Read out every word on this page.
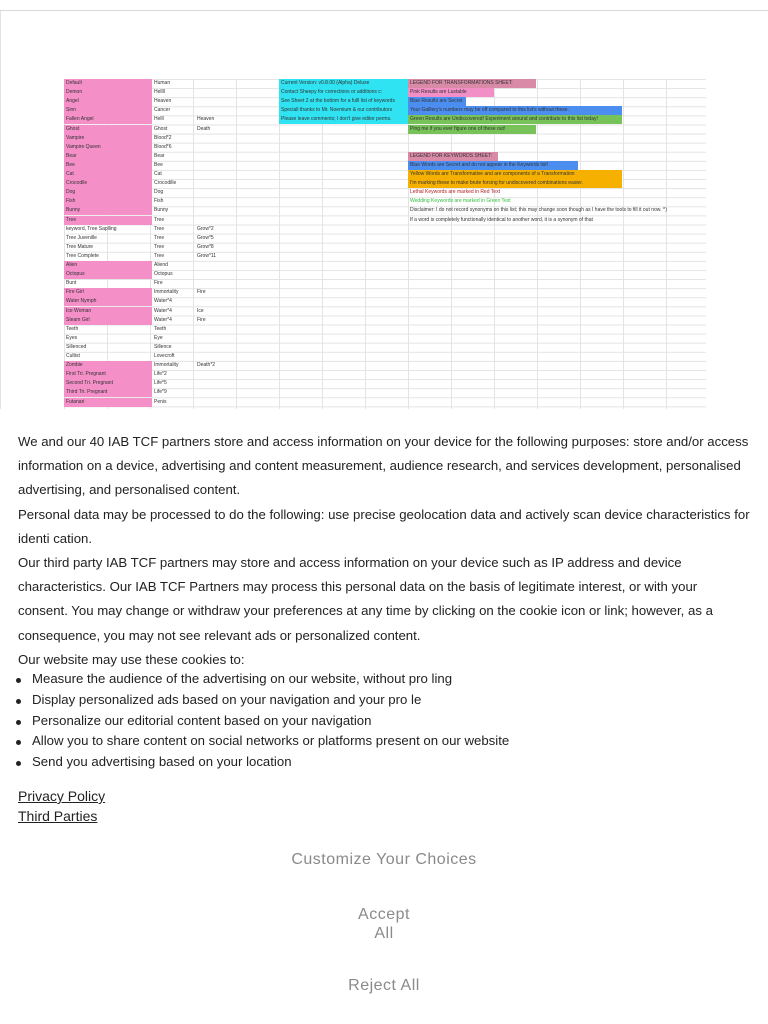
Default	Human
Demon	Hellll
Angel	Heaven
Sinn	Cancer
Fallen Angel	Helll	Heaven
Ghost	Ghost	Death
Vampire	Blood*2
Vampire Queen	Blood*6
Bear	Bear
Bee	Bee
Cat	Cat
Crocodile	Crocodille
Dog	Dog
Fish	Fish
Bunny	Bunny
Tree	Tree
keyword, Tree Saplling	Tree	Grow*2
Tree Juvenille	Tree	Grow*5
Tree Mature	Tree	Grow*8
Tree Complete	Tree	Grow*11
Alien	Aliend
Octopus	Octopus
Bunt	Fire
Fire Girl	Immortality	Fire
Water Nymph	Water*4
Ice Woman	Water*4	Ice
Steam Girl	Water*4	Fire
Teeth	Teeth
Eyes	Eye
Sillenced	Sillence
Cultist	Lovecroft
Zombie	Immortality	Death*2
First Tri. Pregnant	Life*2
Second Tri. Pregnant	Life*5
Third Tri. Pregnant	Life*9
Futanari	Penis
Current Version: v0.8.00 (Alpha) Deluxe
Contact Sheepy for corrections or additions c:
See Sheet 2 at the bottom for a fulll list of keywords
Speciall thanks to Mr. Noemium & our contributors
Please leave comments; I don't give editor perms.
LEGEND FOR TRANSFORMATIONS SHEET:
Pink Results are Lustable
Blue Results are Secret
Your Galllery's numbers may be off compared to this list's without these.
Green Results are Undiscovered! Experiment around and contribute to this list today!
Ping me if you ever figure one of these out!
LEGEND FOR KEYWORDS SHEET:
Blue Words are Secret and do not appear in the Keywords list!
Yellow Words are Transformative and are components of a Transformation
I'm marking these to make brute forcing for undiscovered combinations easier.
Lethal Keywords are marked in Red Text
Wedding Keywords are marked in Green Text
Disclaimer: I do not record synonyms on this list; this may change soon though as I have the tools to fill it out now. ^)
If a word is completely functionally identical to another word, it is a synonym of that

We and our 40 IAB TCF partners store and access information on your device for the following purposes: store and/or access information on a device, advertising and content measurement, audience research, and services development, personalised advertising, and personalised content.

Personal data may be processed to do the following: use precise geolocation data and actively scan device characteristics for identi cation.

Our third party IAB TCF partners may store and access information on your device such as IP address and device characteristics. Our IAB TCF Partners may process this personal data on the basis of legitimate interest, or with your consent. You may change or withdraw your preferences at any time by clicking on the cookie icon or link; however, as a consequence, you may not see relevant ads or personalized content.

Our website may use these cookies to:

Measure the audience of the advertising on our website, without pro ling
Display personalized ads based on your navigation and your pro le
Personalize our editorial content based on your navigation
Allow you to share content on social networks or platforms present on our website
Send you advertising based on your location
Privacy Policy
Third Parties
Customize Your Choices
Accept All
Reject All
